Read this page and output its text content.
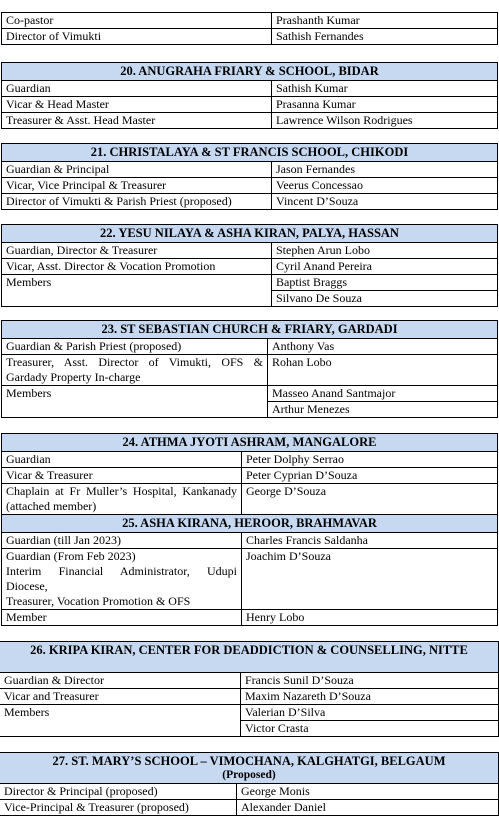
Co-pastor	Prashanth Kumar
Director of Vimukti	Sathish Fernandes
20. ANUGRAHA FRIARY & SCHOOL, BIDAR	
Guardian	Sathish Kumar
Vicar & Head Master	Prasanna Kumar
Treasurer & Asst. Head Master	Lawrence Wilson Rodrigues
21. CHRISTALAYA & ST FRANCIS SCHOOL, CHIKODI	
Guardian & Principal	Jason Fernandes
Vicar, Vice Principal & Treasurer	Veerus Concessao
Director of Vimukti & Parish Priest (proposed)	Vincent D’Souza
22. YESU NILAYA & ASHA KIRAN, PALYA, HASSAN	
Guardian, Director & Treasurer	Stephen Arun Lobo
Vicar, Asst. Director & Vocation Promotion	Cyril Anand Pereira
Members	Baptist Braggs
	Silvano De Souza
23. ST SEBASTIAN CHURCH & FRIARY, GARDADI	
Guardian & Parish Priest (proposed)	Anthony Vas
Treasurer, Asst. Director of Vimukti, OFS & Gardady Property In-charge	Rohan Lobo
Members	Masseo Anand Santmajor
	Arthur Menezes
24. ATHMA JYOTI ASHRAM, MANGALORE	
Guardian	Peter Dolphy Serrao
Vicar & Treasurer	Peter Cyprian D’Souza
Chaplain at Fr Muller’s Hospital, Kankanady (attached member)	George D’Souza
25. ASHA KIRANA, HEROOR, BRAHMAVAR	
Guardian (till Jan 2023)	Charles Francis Saldanha
Guardian (From Feb 2023)
Interim Financial Administrator, Udupi Diocese,
Treasurer, Vocation Promotion & OFS	Joachim D’Souza
Member	Henry Lobo
26. KRIPA KIRAN, CENTER FOR DEADDICTION & COUNSELLING, NITTE	
Guardian & Director	Francis Sunil D’Souza
Vicar and Treasurer	Maxim Nazareth D’Souza
Members	Valerian D’Silva
	Victor Crasta
27. ST. MARY’S SCHOOL – VIMOCHANA, KALGHATGI, BELGAUM
(Proposed)	

Director & Principal (proposed)	George Monis
Vice-Principal & Treasurer (proposed)	Alexander Daniel
